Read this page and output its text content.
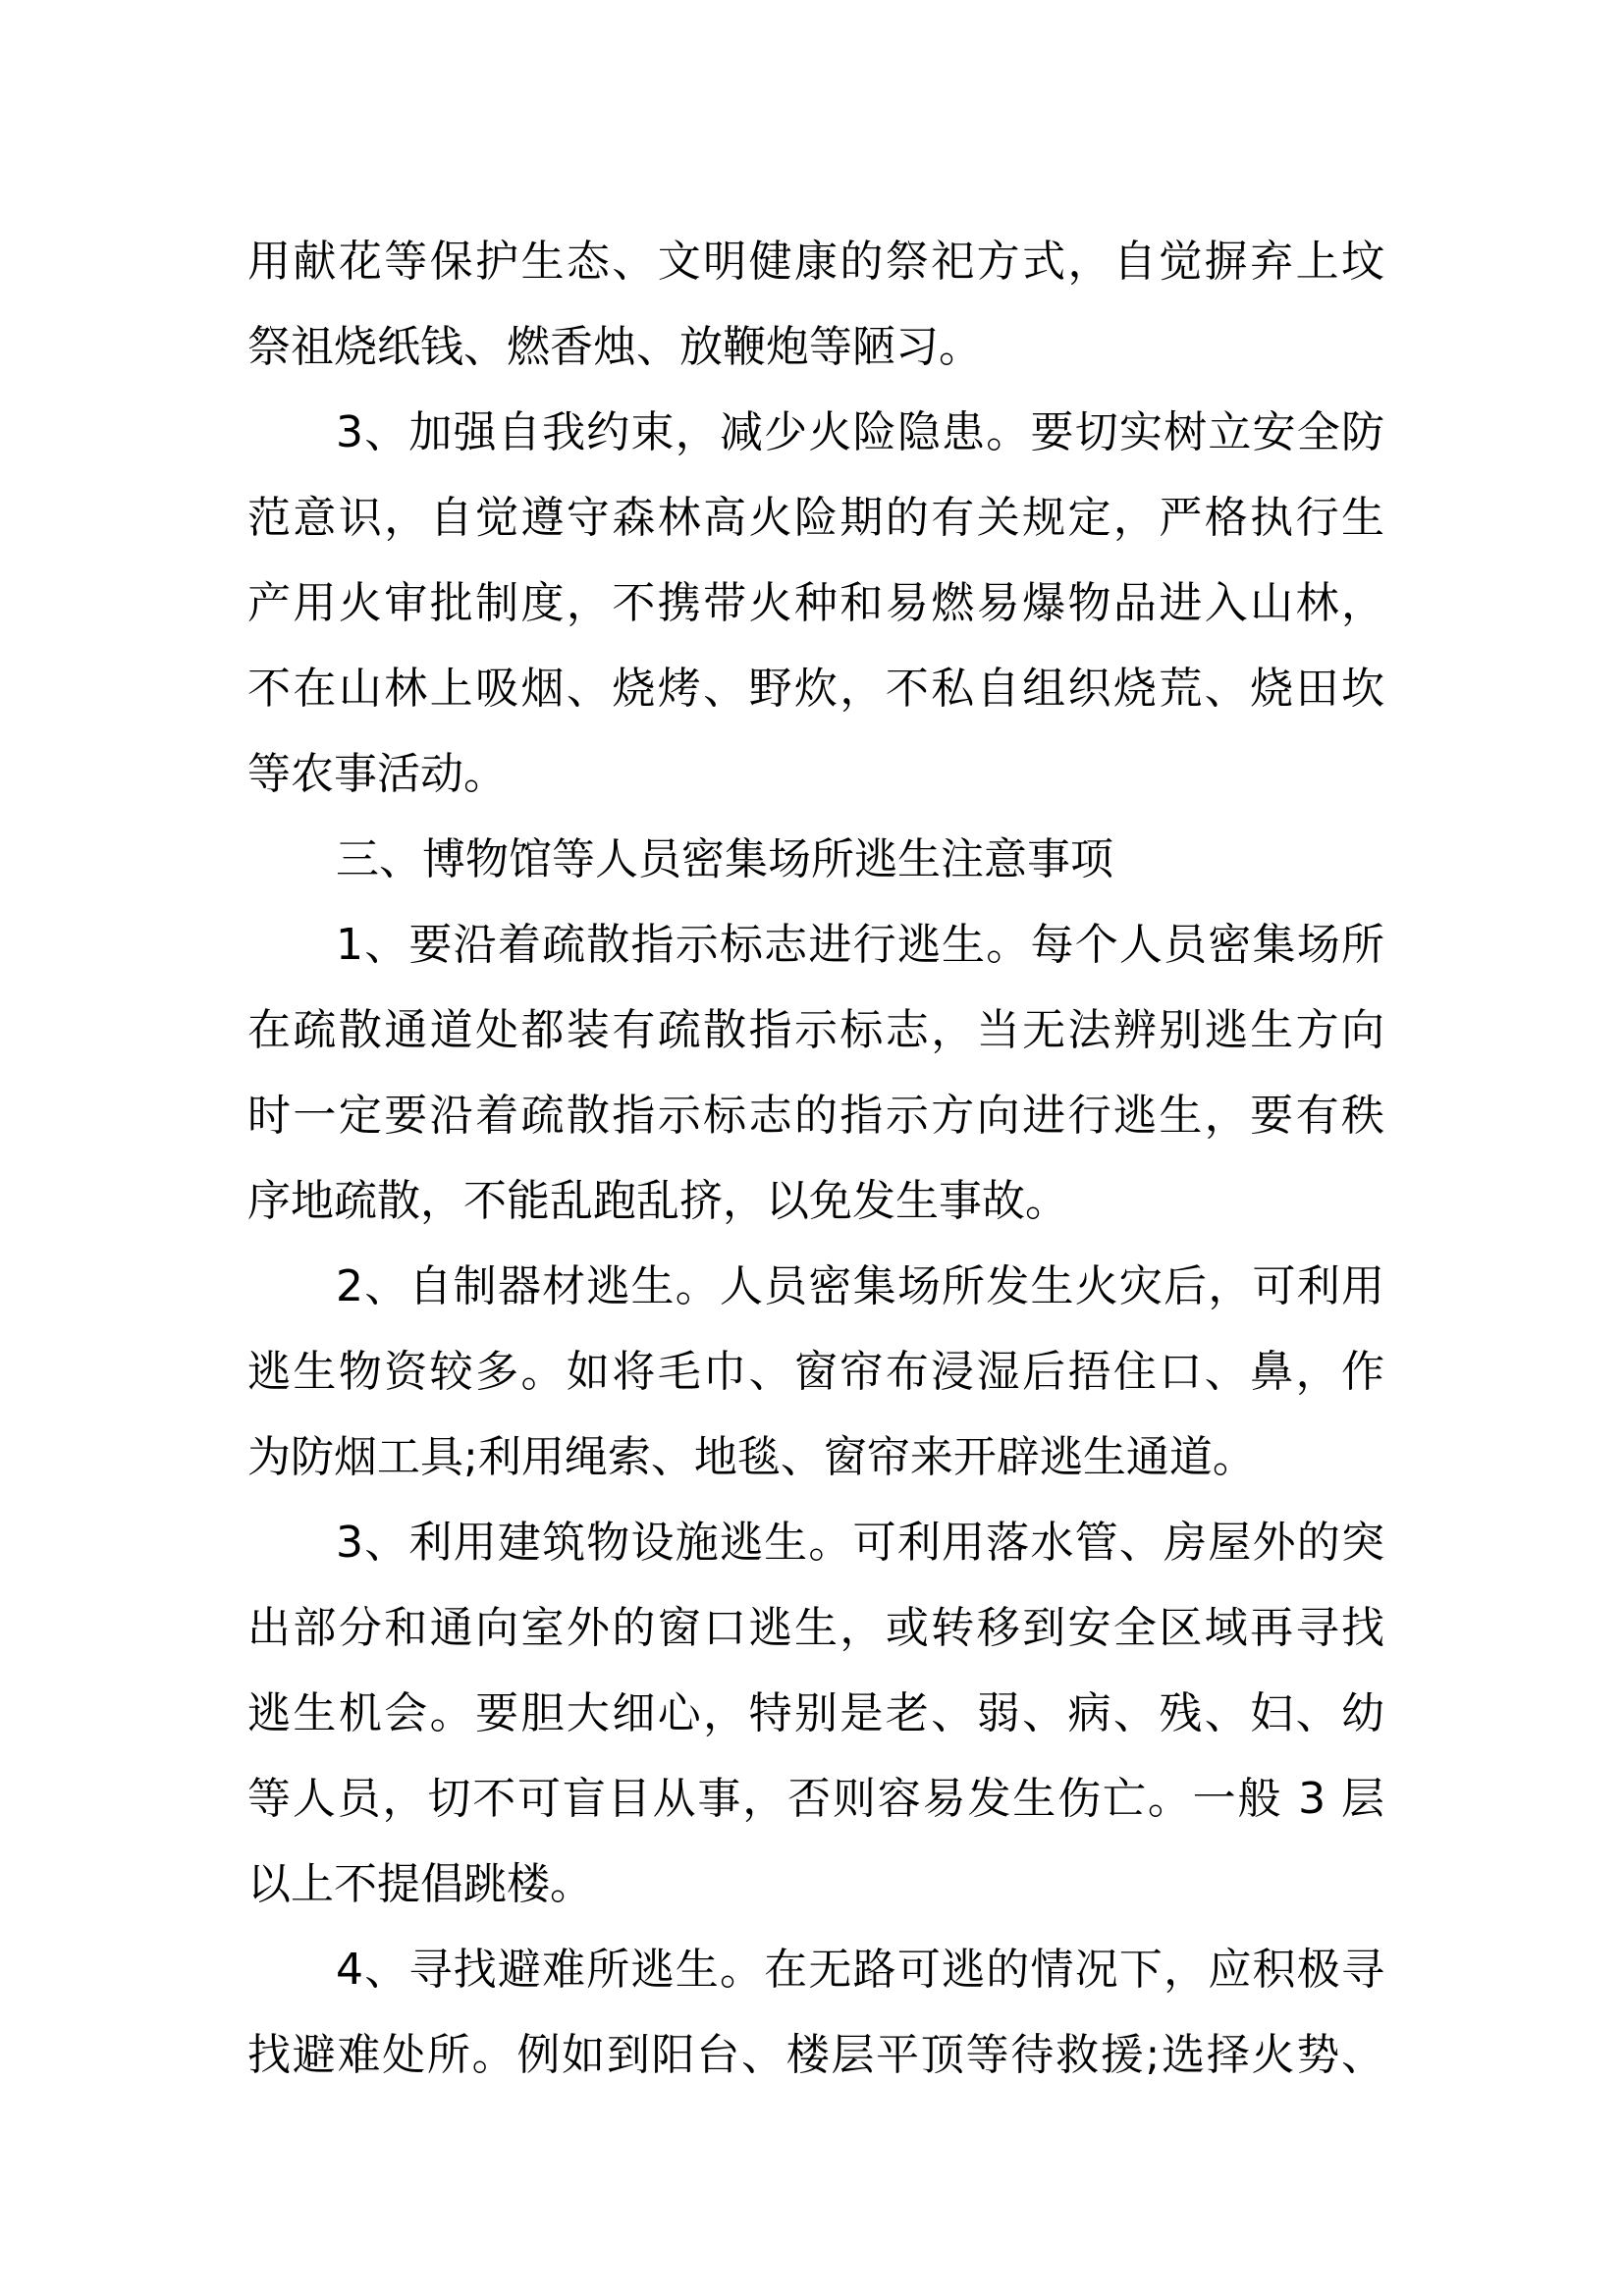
用献花等保护生态、文明健康的祭祀方式，自觉摒弃上坟
祭祖烧纸钱、燃香烛、放鞭炮等陋习。
3、加强自我约束，减少火险隐患。要切实树立安全防
范意识，自觉遵守森林高火险期的有关规定，严格执行生
产用火审批制度，不携带火种和易燃易爆物品进入山林，
不在山林上吸烟、烧烤、野炊，不私自组织烧荒、烧田坎
等农事活动。
三、博物馆等人员密集场所逃生注意事项
1、要沿着疏散指示标志进行逃生。每个人员密集场所
在疏散通道处都装有疏散指示标志，当无法辨别逃生方向
时一定要沿着疏散指示标志的指示方向进行逃生，要有秩
序地疏散，不能乱跑乱挤，以免发生事故。
2、自制器材逃生。人员密集场所发生火灾后，可利用
逃生物资较多。如将毛巾、窗帘布浸湿后捂住口、鼻，作
为防烟工具;利用绳索、地毯、窗帘来开辟逃生通道。
3、利用建筑物设施逃生。可利用落水管、房屋外的突
出部分和通向室外的窗口逃生，或转移到安全区域再寻找
逃生机会。要胆大细心，特别是老、弱、病、残、妇、幼
等人员，切不可盲目从事，否则容易发生伤亡。一般 3 层
以上不提倡跳楼。
4、寻找避难所逃生。在无路可逃的情况下，应积极寻
找避难处所。例如到阳台、楼层平顶等待救援;选择火势、
